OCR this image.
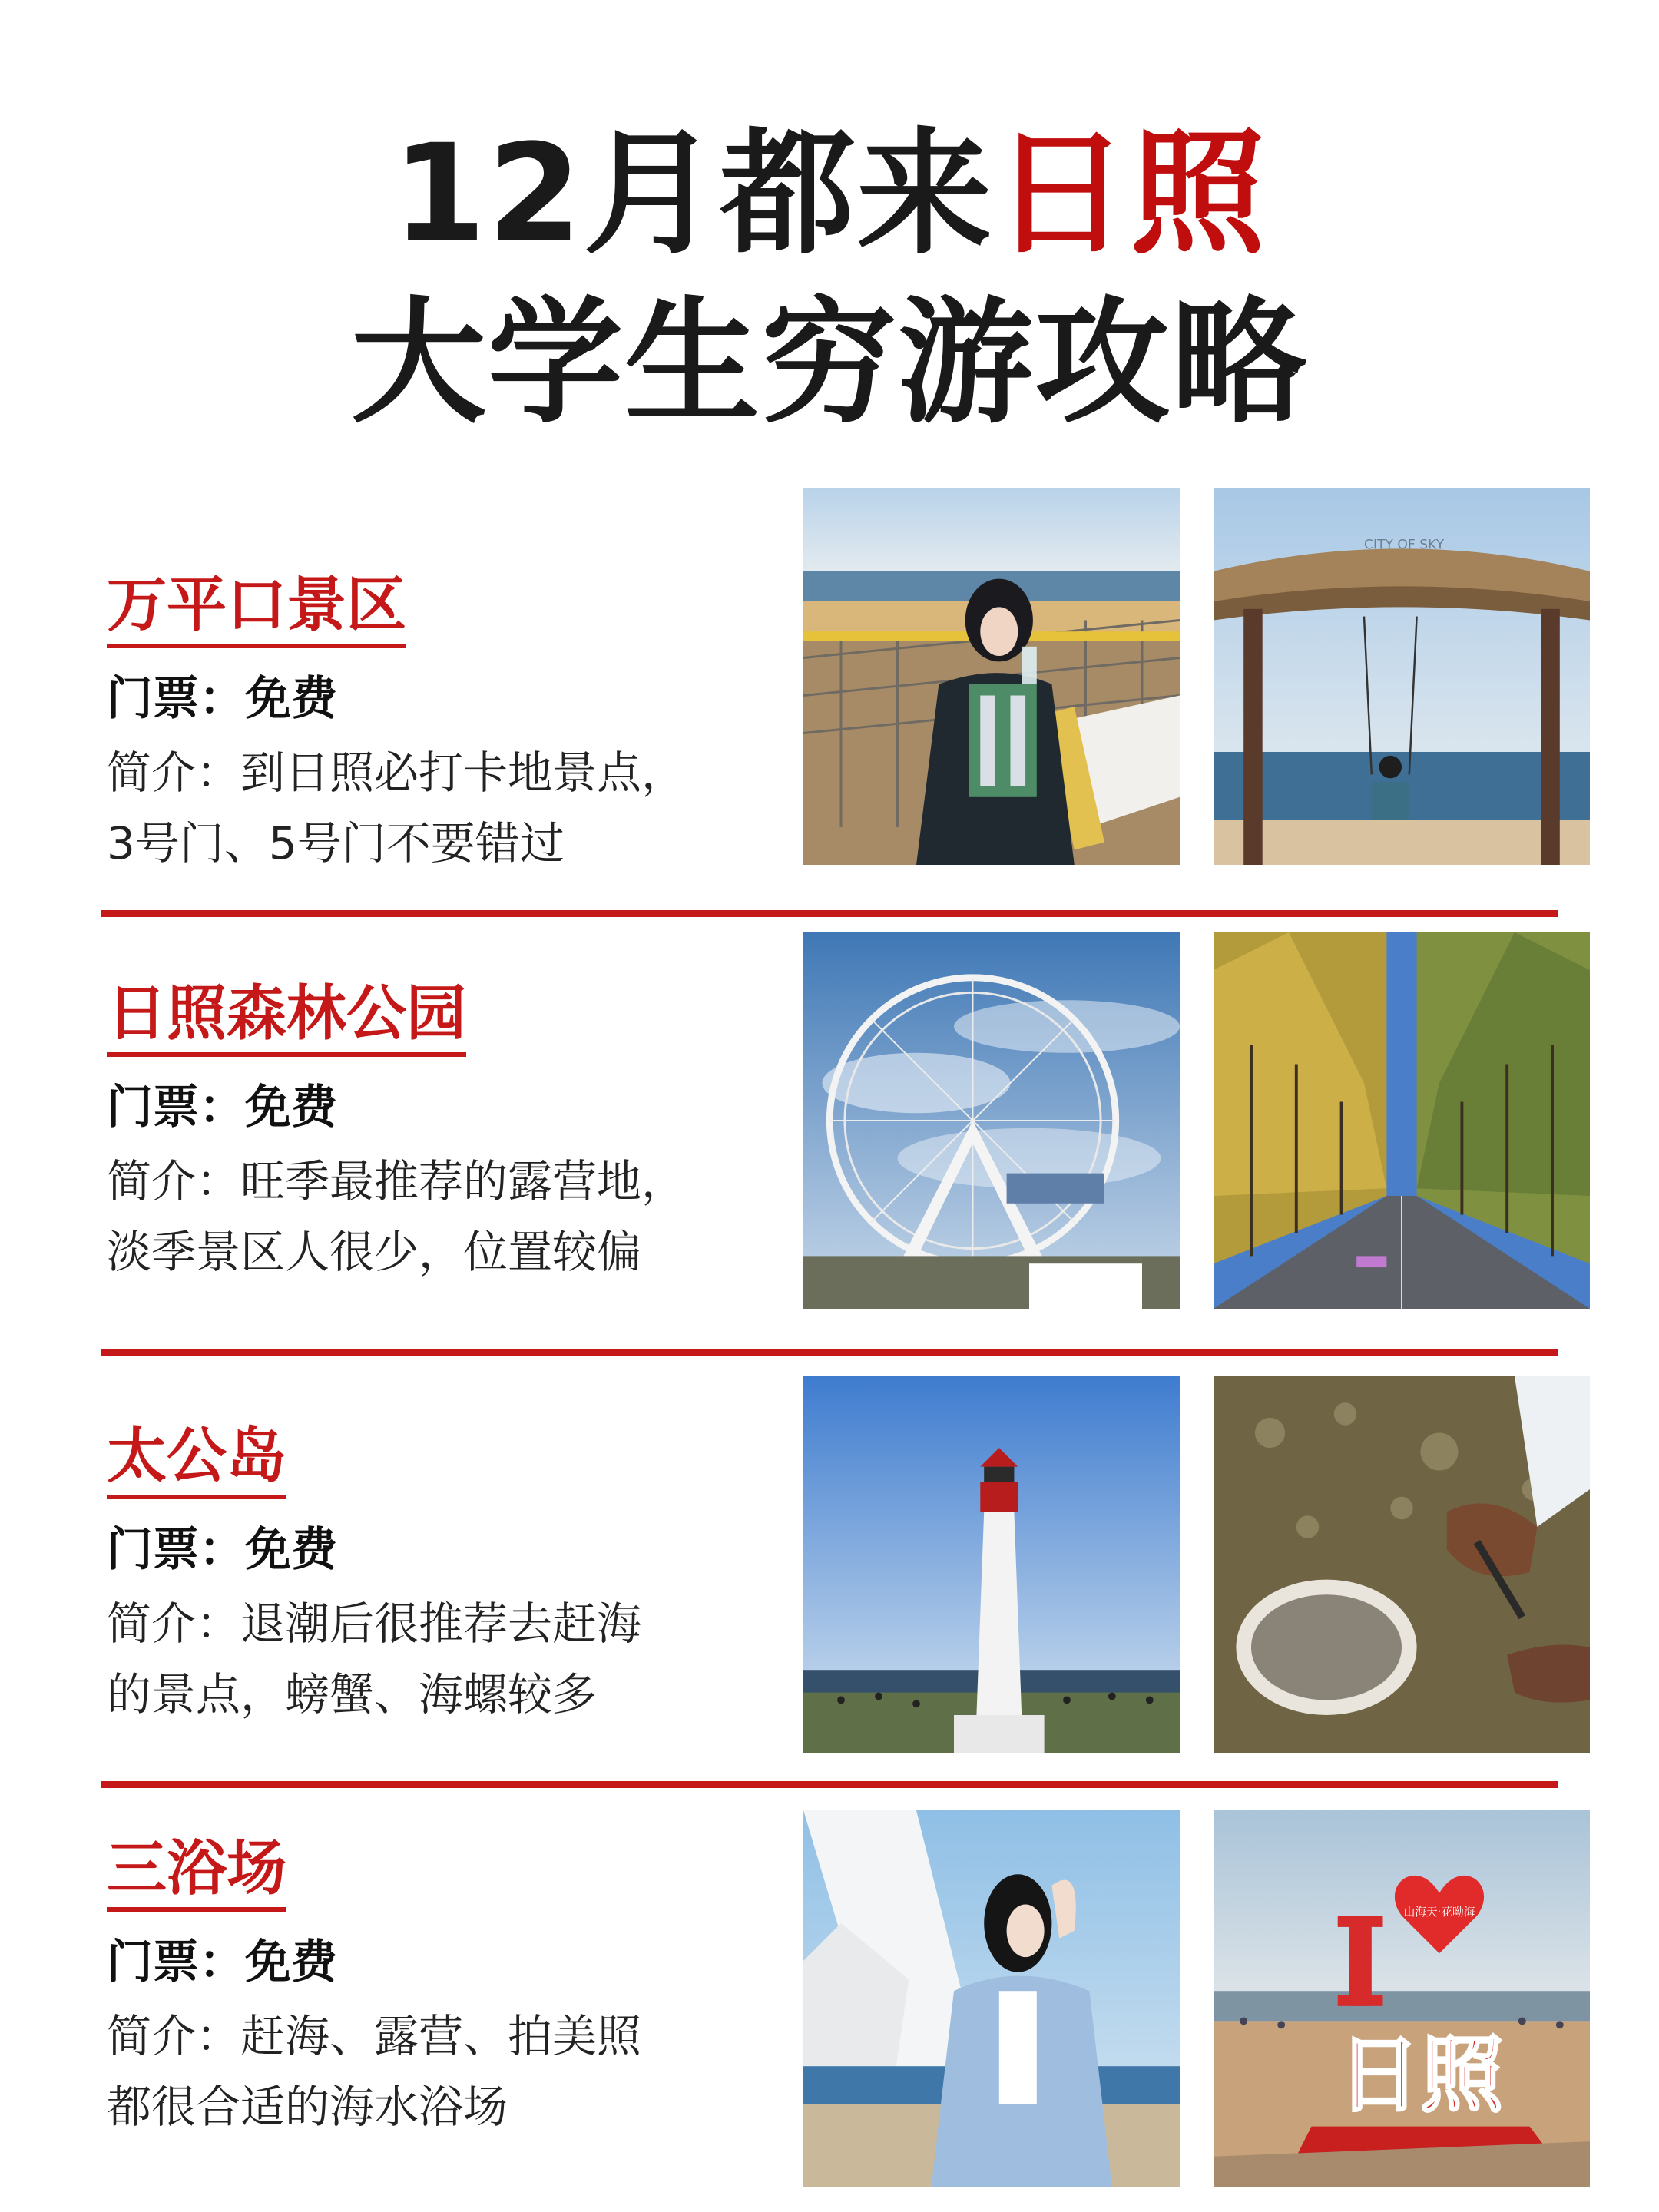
12月都来日照
大学生穷游攻略
万平口景区
门票：免费
简介：到日照必打卡地景点，
3号门、5号门不要错过
CITY OF SKY
日照森林公园
门票：免费
简介：旺季最推荐的露营地，
淡季景区人很少，位置较偏
太公岛
门票：免费
简介：退潮后很推荐去赶海
的景点，螃蟹、海螺较多
三浴场
门票：免费
简介：赶海、露营、拍美照
都很合适的海水浴场
山海天·花呦海
日照
